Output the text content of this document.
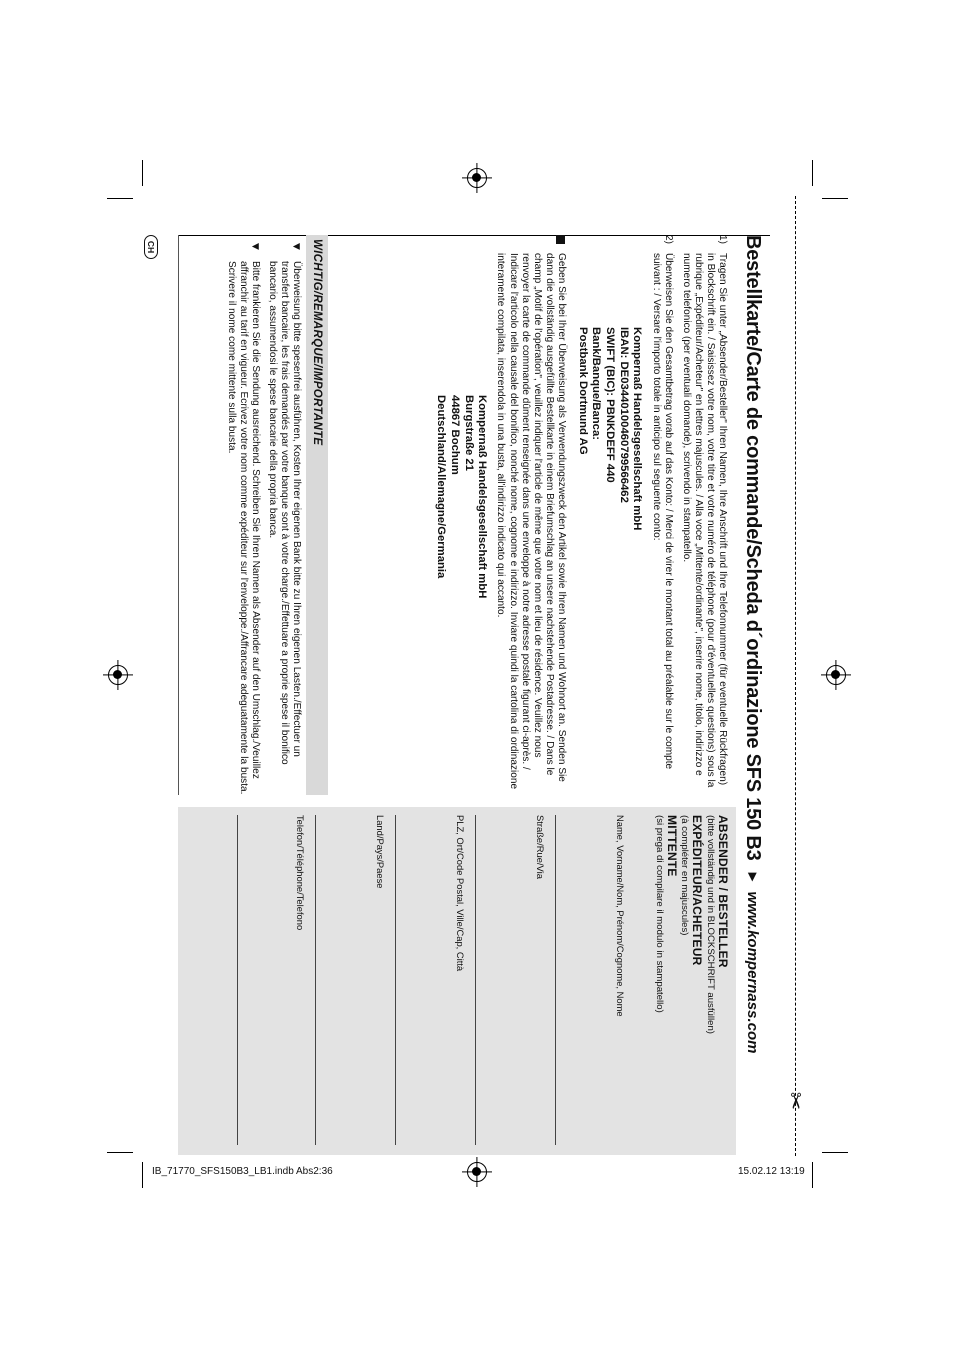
✂
IB_71770_SFS150B3_LB1.indb Abs2:36	15.02.12 13:19
Bestellkarte/Carte de commande/Scheda d´ordinazione SFS 150 B3
►
www.kompernass.com
1)
Tragen Sie unter „Absender/Besteller" Ihren Namen, Ihre Anschrift und Ihre Telefonnummer (für eventuelle Rückfragen) in Blockschrift ein. / Saisissez votre nom, votre titre et votre numéro de téléphone (pour d'éventuelles questions) sous la rubrique „Expéditeur/Acheteur" en lettres majuscules. / Alla voce „Mittente/ordinante", inserire nome, titolo, indirizzo e numero telefonico (per eventuali domande), scrivendo in stampatello.
2)
Überweisen Sie den Gesamtbetrag vorab auf das Konto: / Merci de virer le montant total au préalable sur le compte suivant : / Versare l'importo totale in anticipo sul seguente conto:
Kompernaß Handelsgesellschaft mbH
IBAN: DE03440100460799566462
SWIFT (BIC): PBNKDEFF 440
Bank/Banque/Banca:
Postbank Dortmund AG
Geben Sie bei Ihrer Überweisung als Verwendungszweck den Artikel sowie Ihren Namen und Wohnort an. Senden Sie dann die vollständig ausgefüllte Bestellkarte in einem Briefumschlag an unsere nachstehende Postadresse. / Dans le champ „Motif de l'opération", veuillez indiquer l'article de même que votre nom et lieu de résidence. Veuillez nous renvoyer la carte de commande dûment renseignée dans une enveloppe à notre adresse postale figurant ci-après. / Indicare l'articolo nella causale del bonifico, nonché nome, cognome e indirizzo. Inviare quindi la cartolina di ordinazione interamente compilata, inserendola in una busta, all'indirizzo indicato qui accanto.
Kompernaß Handelsgesellschaft mbH
Burgstraße 21
44867 Bochum
Deutschland/Allemagne/Germania
WICHTIG/REMARQUE/IMPORTANTE
▼
Überweisung bitte spesenfrei ausführen, Kosten Ihrer eigenen Bank bitte zu Ihren eigenen Lasten./Effectuer un transfert bancaire, les frais demandés par votre banque sont à votre charge./Effettuare a proprie spese il bonifico bancario, assumendosi le spese bancarie della propria banca.
▼
Bitte frankieren Sie die Sendung ausreichend. Schreiben Sie Ihren Namen als Absender auf den Umschlag./Veuillez affranchir au tarif en vigueur. Ecrivez votre nom comme expéditeur sur l'enveloppe./Affrancare adeguatamente la busta. Scrivere il nome come mittente sulla busta.
CH
ABSENDER / BESTELLER
(bitte vollständig und in BLOCKSCHRIFT ausfüllen)
EXPÉDITEUR/ACHETEUR
(à compléter en majuscules)
MITTENTE
(si prega di compilare il modulo in stampatello)
Name, Vorname/Nom, Prénom/Cognome, Nome
Straße/Rue/Via
PLZ, Ort/Code Postal, Ville/Cap, Città
Land/Pays/Paese
Telefon/Téléphone/Telefono
